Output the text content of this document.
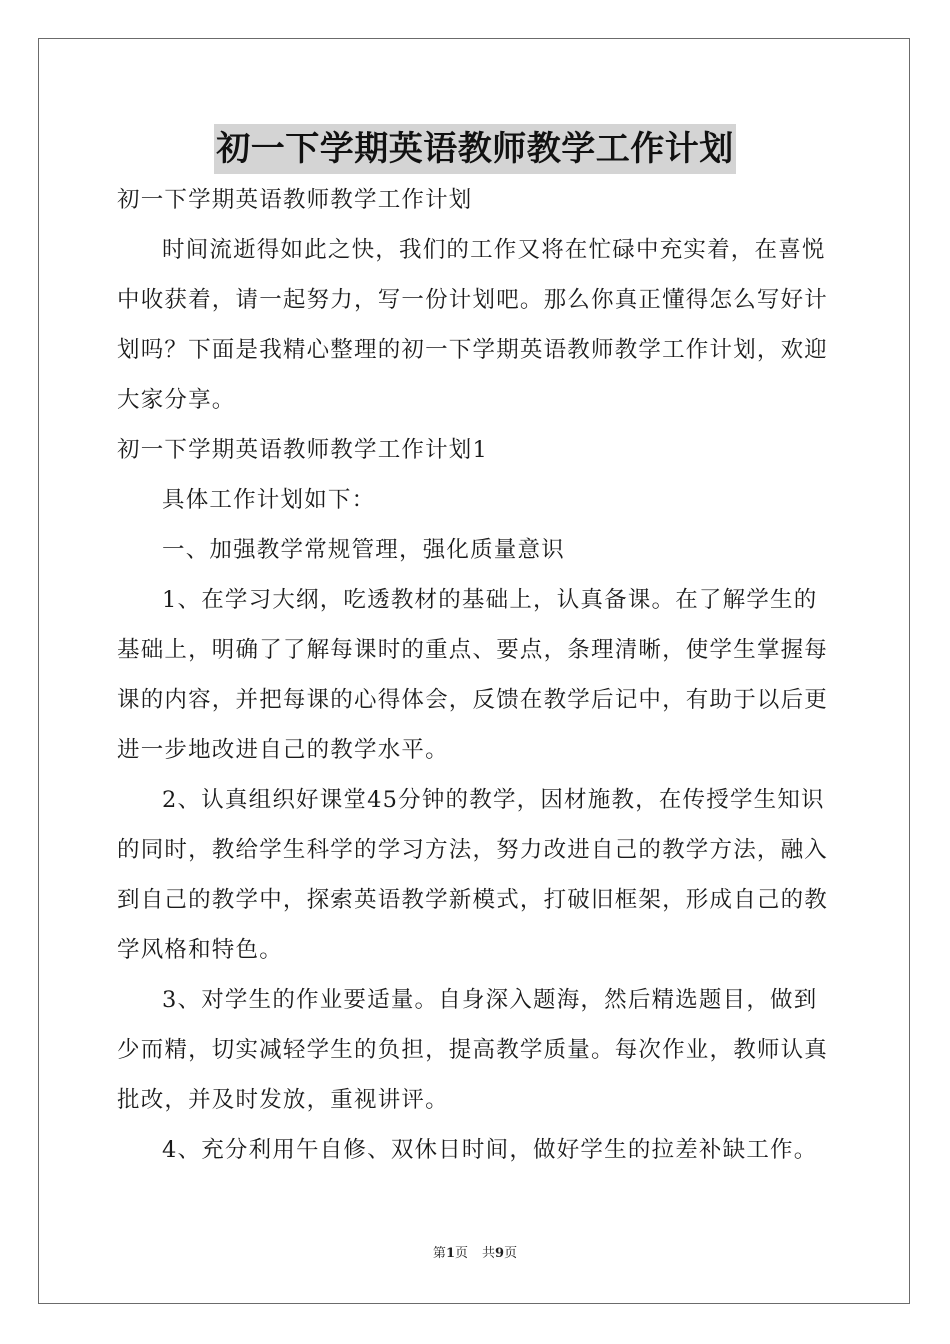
初一下学期英语教师教学工作计划

初一下学期英语教师教学工作计划

时间流逝得如此之快，我们的工作又将在忙碌中充实着，在喜悦中收获着，请一起努力，写一份计划吧。那么你真正懂得怎么写好计划吗？下面是我精心整理的初一下学期英语教师教学工作计划，欢迎大家分享。

初一下学期英语教师教学工作计划1

具体工作计划如下：

一、加强教学常规管理，强化质量意识

1、在学习大纲，吃透教材的基础上，认真备课。在了解学生的基础上，明确了了解每课时的重点、要点，条理清晰，使学生掌握每课的内容，并把每课的心得体会，反馈在教学后记中，有助于以后更进一步地改进自己的教学水平。

2、认真组织好课堂45分钟的教学，因材施教，在传授学生知识的同时，教给学生科学的学习方法，努力改进自己的教学方法，融入到自己的教学中，探索英语教学新模式，打破旧框架，形成自己的教学风格和特色。

3、对学生的作业要适量。自身深入题海，然后精选题目，做到少而精，切实减轻学生的负担，提高教学质量。每次作业，教师认真批改，并及时发放，重视讲评。

4、充分利用午自修、双休日时间，做好学生的拉差补缺工作。

第1页 共9页
